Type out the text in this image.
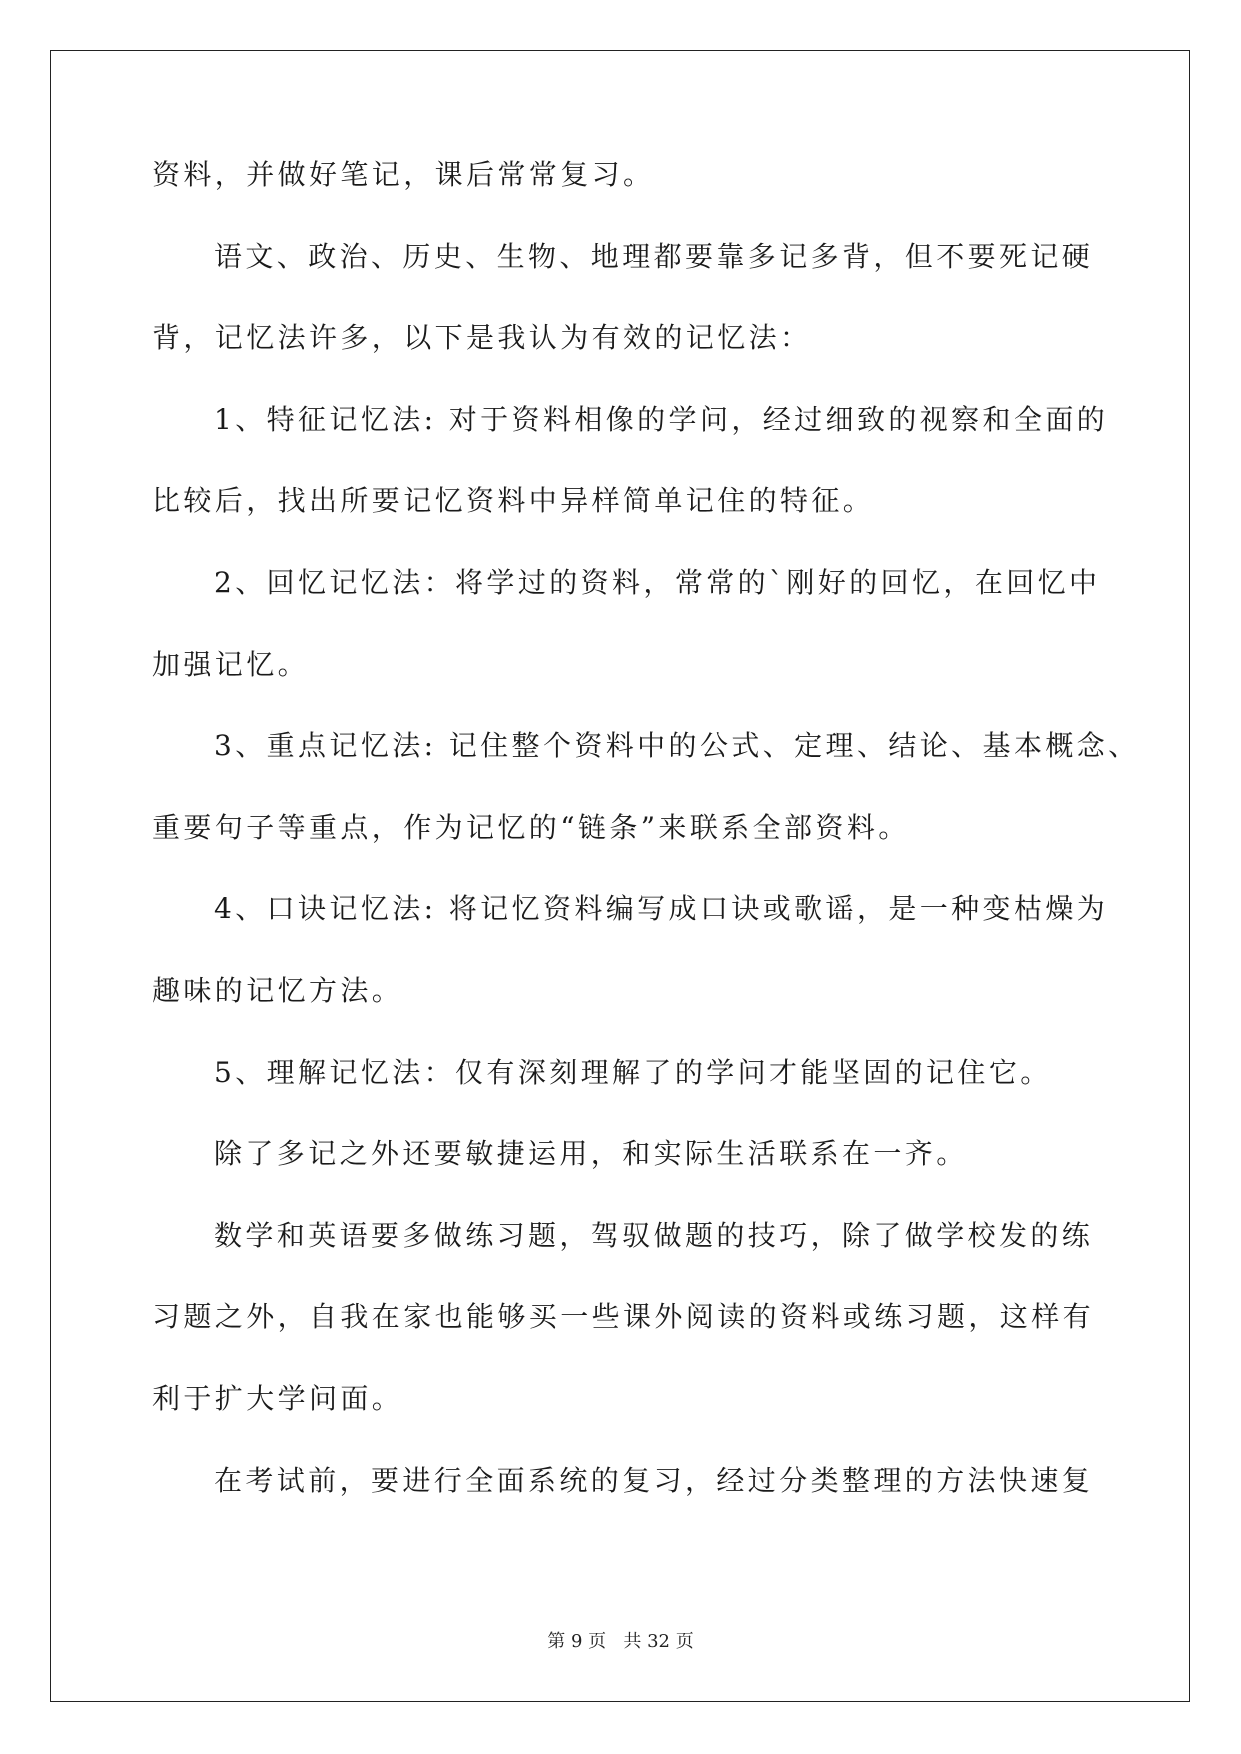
资料，并做好笔记，课后常常复习。
语文、政治、历史、生物、地理都要靠多记多背，但不要死记硬
背，记忆法许多，以下是我认为有效的记忆法：
1、特征记忆法: 对于资料相像的学问，经过细致的视察和全面的
比较后，找出所要记忆资料中异样简单记住的特征。
2、回忆记忆法：将学过的资料，常常的`刚好的回忆，在回忆中
加强记忆。
3、重点记忆法: 记住整个资料中的公式、定理、结论、基本概念、
重要句子等重点，作为记忆的“链条”来联系全部资料。
4、口诀记忆法: 将记忆资料编写成口诀或歌谣，是一种变枯燥为
趣味的记忆方法。
5、理解记忆法：仅有深刻理解了的学问才能坚固的记住它。
除了多记之外还要敏捷运用，和实际生活联系在一齐。
数学和英语要多做练习题，驾驭做题的技巧，除了做学校发的练
习题之外，自我在家也能够买一些课外阅读的资料或练习题，这样有
利于扩大学问面。
在考试前，要进行全面系统的复习，经过分类整理的方法快速复
第 9 页 共 32 页
